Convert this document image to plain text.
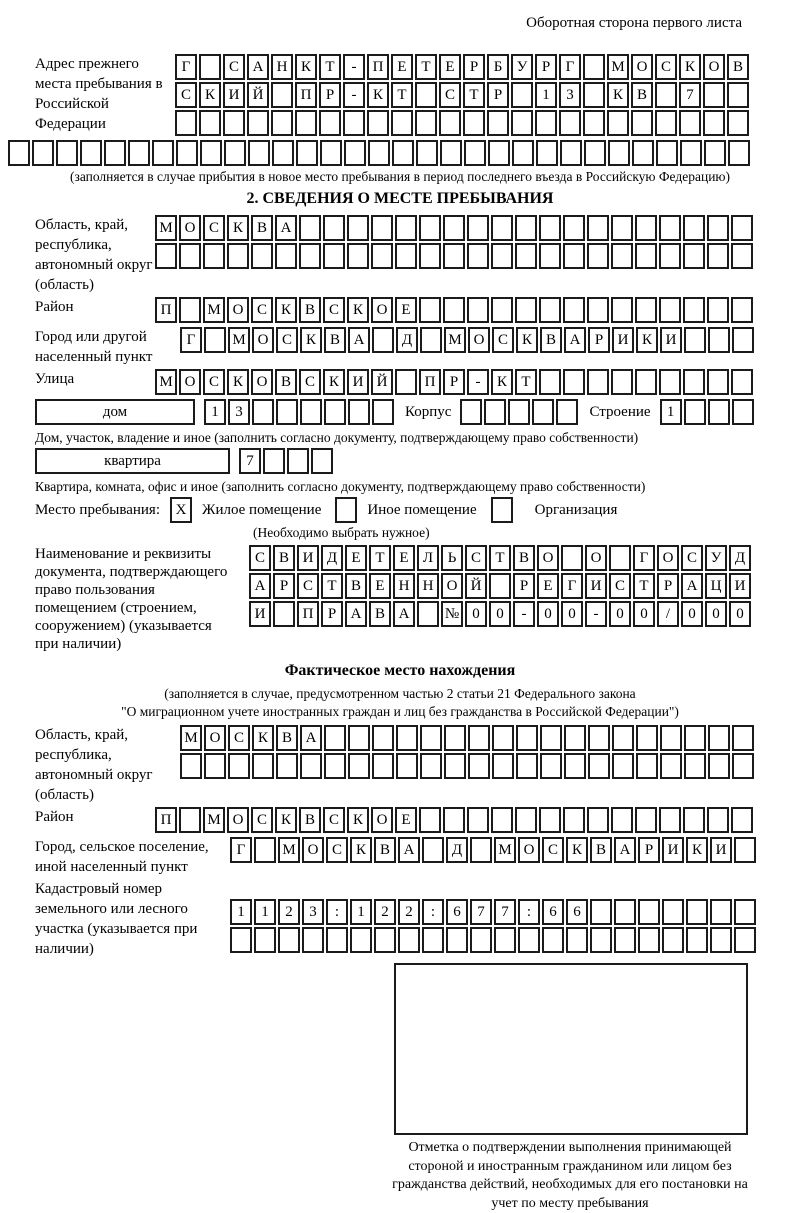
Оборотная сторона первого листа
Адрес прежнего места пребывания в Российской Федерации
Г	С А Н К Т - П Е Т Е Р Б У Р Г М О С К О В
С К И Й П Р - К Т	С Т Р	1 3	К В	7
(заполняется в случае прибытия в новое место пребывания в период последнего въезда в Российскую Федерацию)
2. СВЕДЕНИЯ О МЕСТЕ ПРЕБЫВАНИЯ
Область, край, республика, автономный округ (область)
М О С К В А
Район	П М О С К В С К О Е
Город или другой населенный пункт
Г М О С К В А Д М О С К В А Р И К И
Улица	М О С К О В С К И Й П Р - К Т
дом	1 3	Корпус	Строение	1
Дом, участок, владение и иное (заполнить согласно документу, подтверждающему право собственности)
квартира	7
Квартира, комната, офис и иное (заполнить согласно документу, подтверждающему право собственности)
Место пребывания:	X	Жилое помещение	Иное помещение	Организация
(Необходимо выбрать нужное)
Наименование и реквизиты документа, подтверждающего право пользования помещением (строением, сооружением) (указывается при наличии)
С В И Д Е Т Е Л Ь С Т В О О	Г О С У Д
А Р С Т В Е Н Н О Й	Р Е Г И С Т Р А Ц И
И П Р А В А № 0 0 - 0 0 - 0 0 / 0 0 0
Фактическое место нахождения
(заполняется в случае, предусмотренном частью 2 статьи 21 Федерального закона
"О миграционном учете иностранных граждан и лиц без гражданства в Российской Федерации")
Область, край, республика, автономный округ (область)
М О С К В А
Район	П М О С К В С К О Е
Город, сельское поселение, иной населенный пункт
Г М О С К В А Д М О С К В А Р И К И
Кадастровый номер земельного или лесного участка (указывается при наличии)
1 1 2 3 : 1 2 2 : 6 7 7 : 6 6
Отметка о подтверждении выполнения принимающей стороной и иностранным гражданином или лицом без гражданства действий, необходимых для его постановки на учет по месту пребывания
